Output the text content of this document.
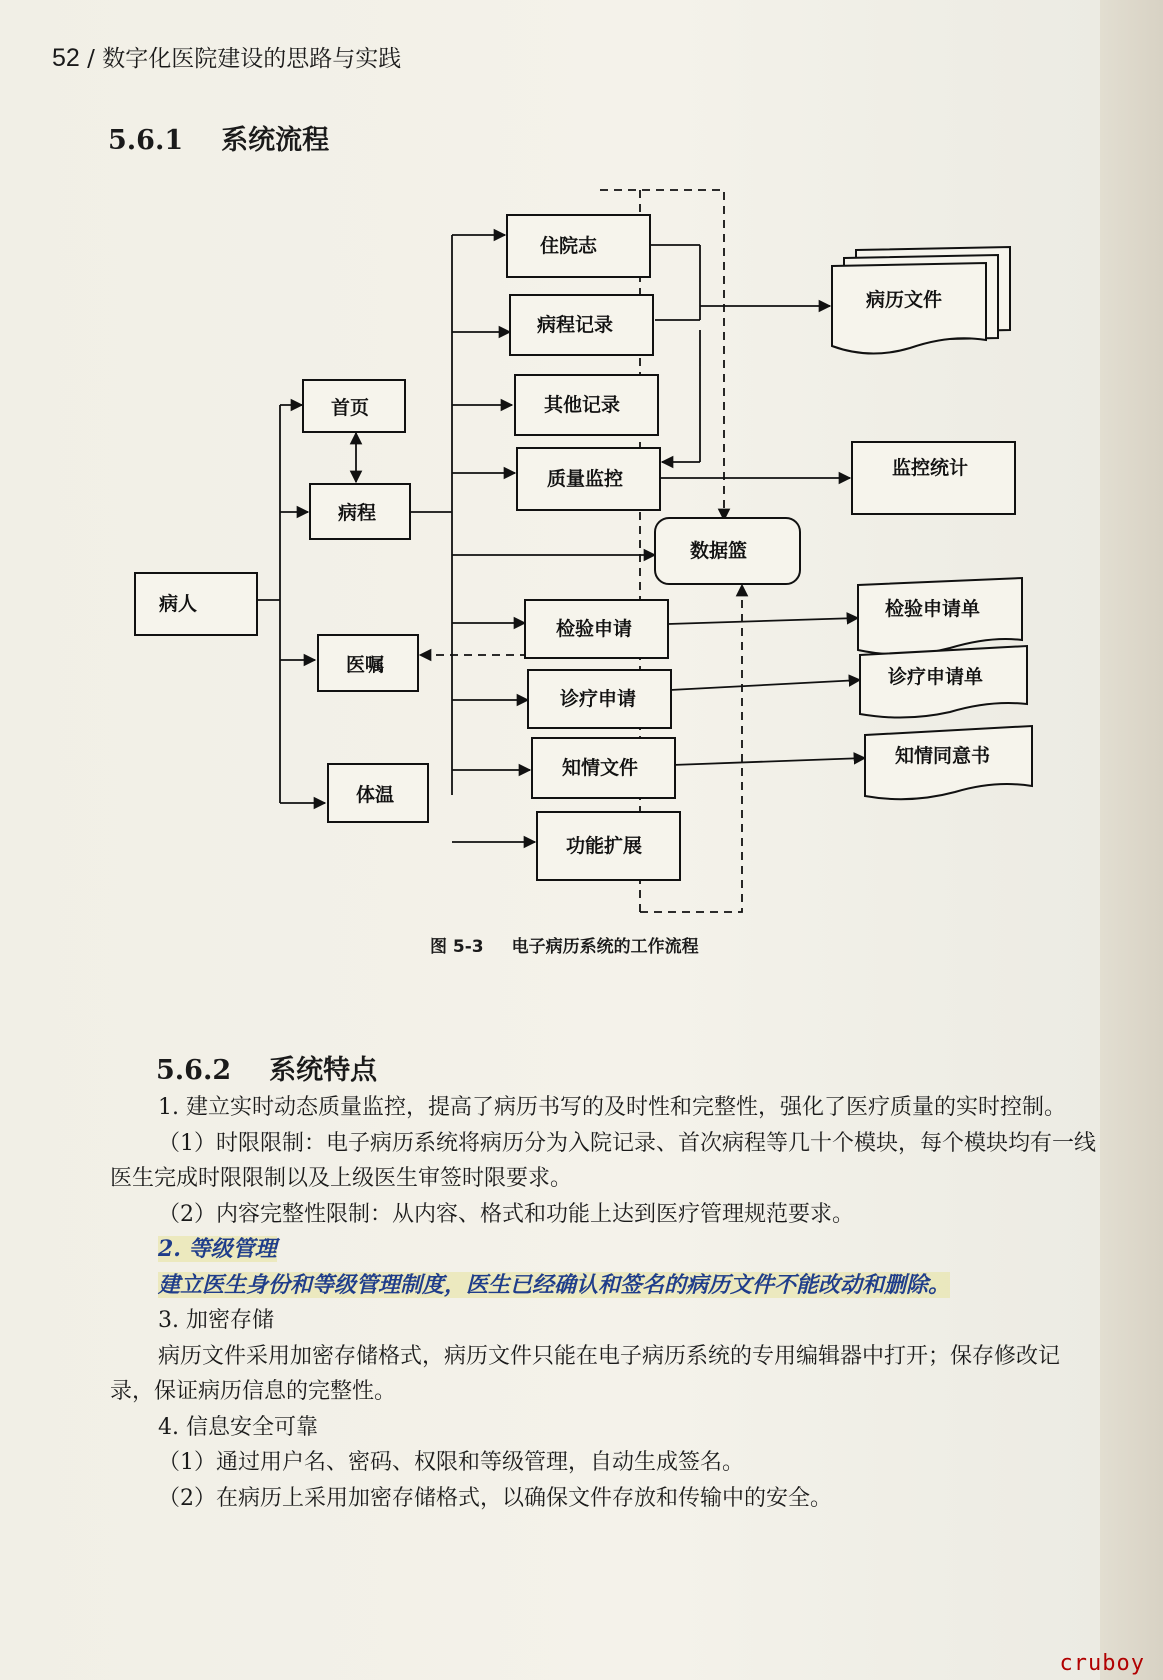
52 / 数字化医院建设的思路与实践
5.6.1 系统流程
病人
首页
病程
医嘱
体温
住院志
病程记录
其他记录
质量监控
检验申请
诊疗申请
知情文件
功能扩展
数据篮
病历文件
监控统计
检验申请单
诊疗申请单
知情同意书
图 5-3 电子病历系统的工作流程
5.6.2 系统特点

1. 建立实时动态质量监控，提高了病历书写的及时性和完整性，强化了医疗质量的实时控制。

（1）时限限制：电子病历系统将病历分为入院记录、首次病程等几十个模块，每个模块均有一线医生完成时限限制以及上级医生审签时限要求。

（2）内容完整性限制：从内容、格式和功能上达到医疗管理规范要求。

2. 等级管理

建立医生身份和等级管理制度，医生已经确认和签名的病历文件不能改动和删除。

3. 加密存储

病历文件采用加密存储格式，病历文件只能在电子病历系统的专用编辑器中打开；保存修改记录，保证病历信息的完整性。

4. 信息安全可靠

（1）通过用户名、密码、权限和等级管理，自动生成签名。

（2）在病历上采用加密存储格式，以确保文件存放和传输中的安全。

cruboy
